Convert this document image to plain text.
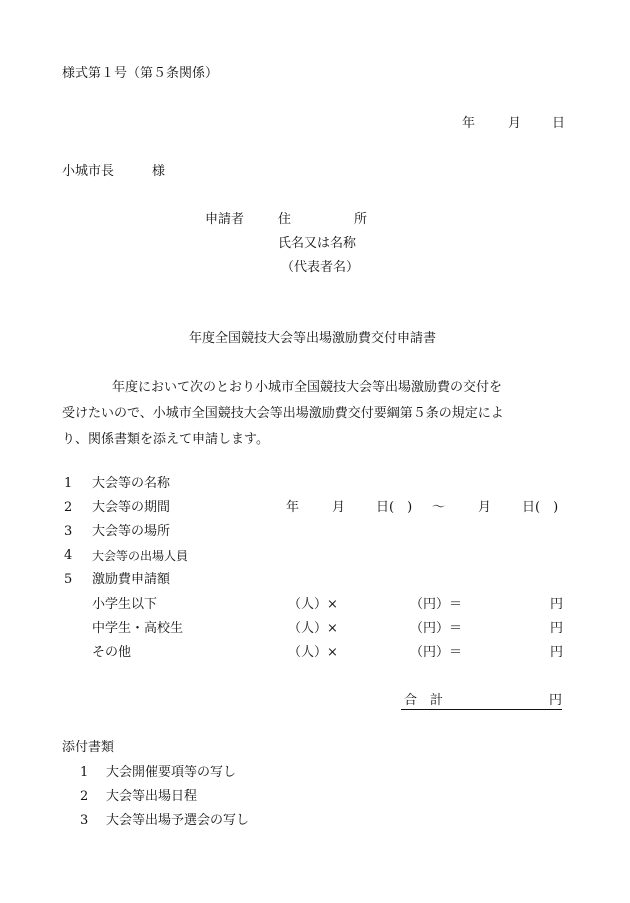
様式第１号（第５条関係）
年	月 日
小城市長	様
申請者	住	所
氏名又は名称
（代表者名）
年度全国競技大会等出場激励費交付申請書

年度において次のとおり小城市全国競技大会等出場激励費の交付を

受けたいので、小城市全国競技大会等出場激励費交付要綱第５条の規定によ

り、関係書類を添えて申請します。

1 大会等の名称
2 大会等の期間	年	月 日(　) ～	月 日(　)
3 大会等の場所
4 大会等の出場人員
5 激励費申請額
小学生以下	（人）×	（円）＝	円
中学生・高校生	（人）×	（円）＝	円
その他	（人）×	（円）＝	円
合 計	円
添付書類
1 大会開催要項等の写し
2 大会等出場日程
3 大会等出場予選会の写し
